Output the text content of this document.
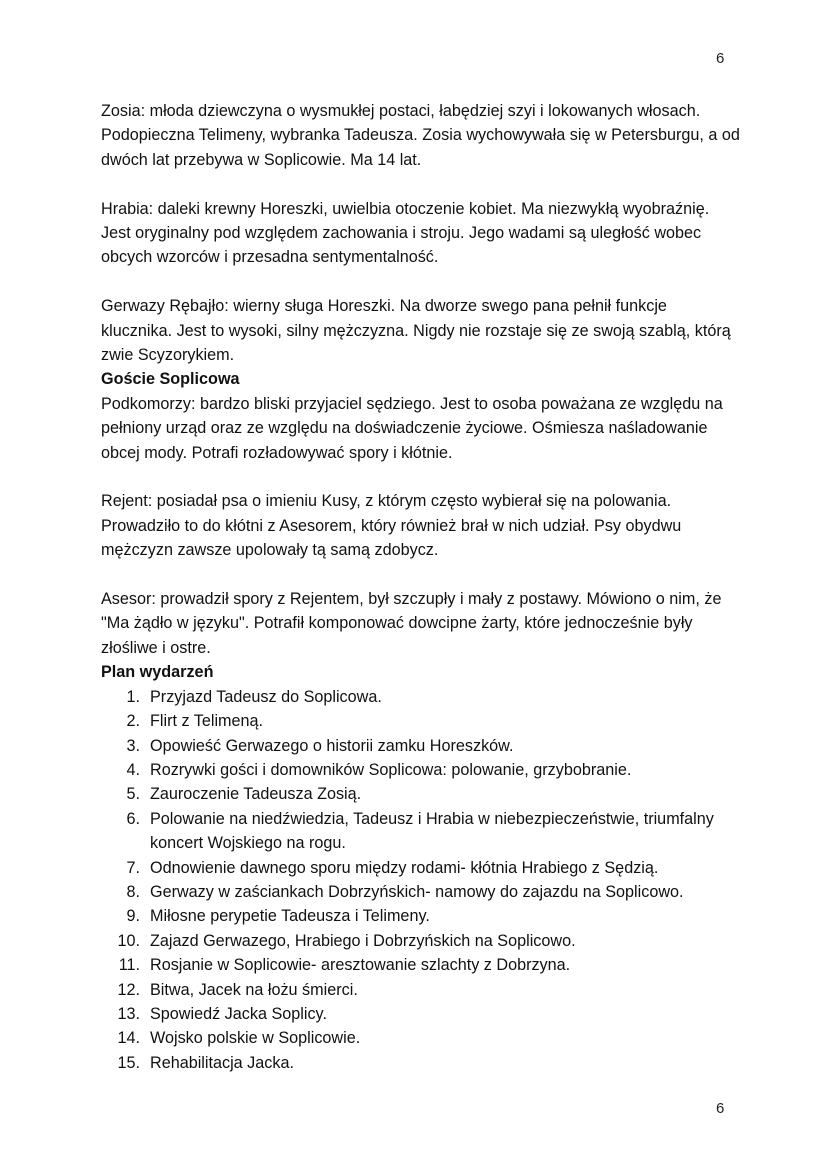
6

Zosia: młoda dziewczyna o wysmukłej postaci, łabędziej szyi i lokowanych włosach. Podopieczna Telimeny, wybranka Tadeusza. Zosia wychowywała się w Petersburgu, a od dwóch lat przebywa w Soplicowie. Ma 14 lat.

Hrabia: daleki krewny Horeszki, uwielbia otoczenie kobiet. Ma niezwykłą wyobraźnię. Jest oryginalny pod względem zachowania i stroju. Jego wadami są uległość wobec obcych wzorców i przesadna sentymentalność.

Gerwazy Rębajło: wierny sługa Horeszki. Na dworze swego pana pełnił funkcje klucznika. Jest to wysoki, silny mężczyzna. Nigdy nie rozstaje się ze swoją szablą, którą zwie Scyzorykiem.

Goście Soplicowa

Podkomorzy: bardzo bliski przyjaciel sędziego. Jest to osoba poważana ze względu na pełniony urząd oraz ze względu na doświadczenie życiowe. Ośmiesza naśladowanie obcej mody. Potrafi rozładowywać spory i kłótnie.

Rejent: posiadał psa o imieniu Kusy, z którym często wybierał się na polowania. Prowadziło to do kłótni z Asesorem, który również brał w nich udział. Psy obydwu mężczyzn zawsze upolowały tą samą zdobycz.

Asesor: prowadził spory z Rejentem, był szczupły i mały z postawy. Mówiono o nim, że "Ma żądło w języku". Potrafił komponować dowcipne żarty, które jednocześnie były złośliwe i ostre.

Plan wydarzeń

1. Przyjazd Tadeusz do Soplicowa.
2. Flirt z Telimeną.
3. Opowieść Gerwazego o historii zamku Horeszków.
4. Rozrywki gości i domowników Soplicowa: polowanie, grzybobranie.
5. Zauroczenie Tadeusza Zosią.
6. Polowanie na niedźwiedzia, Tadeusz i Hrabia w niebezpieczeństwie, triumfalny koncert Wojskiego na rogu.
7. Odnowienie dawnego sporu między rodami- kłótnia Hrabiego z Sędzią.
8. Gerwazy w zaściankach Dobrzyńskich- namowy do zajazdu na Soplicowo.
9. Miłosne perypetie Tadeusza i Telimeny.
10. Zajazd Gerwazego, Hrabiego i Dobrzyńskich na Soplicowo.
11. Rosjanie w Soplicowie- aresztowanie szlachty z Dobrzyna.
12. Bitwa, Jacek na łożu śmierci.
13. Spowiedź Jacka Soplicy.
14. Wojsko polskie w Soplicowie.
15. Rehabilitacja Jacka.
6
